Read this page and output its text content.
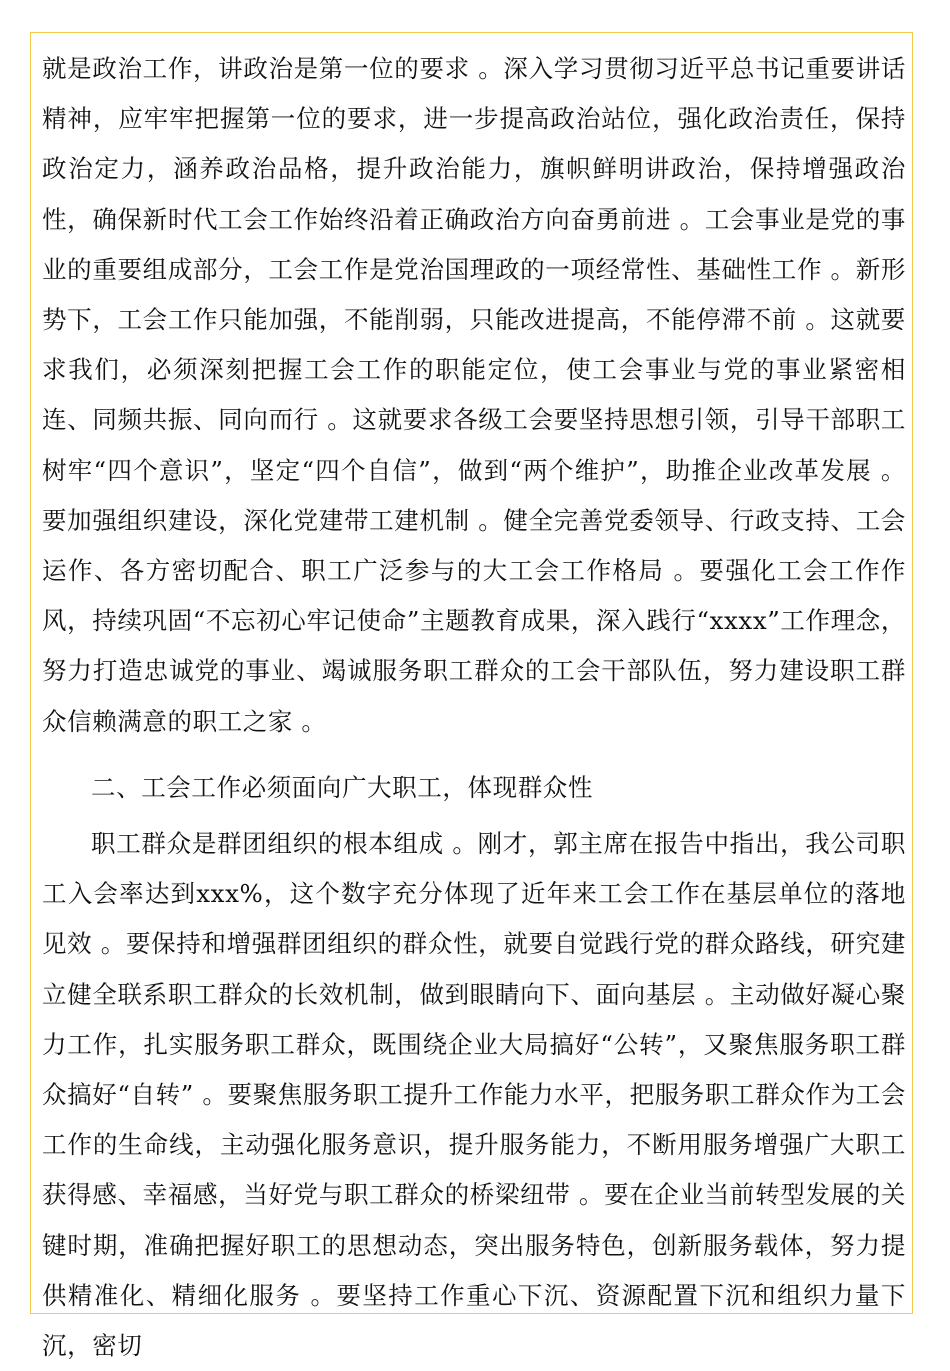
就是政治工作，讲政治是第一位的要求 。深入学习贯彻习近平总书记重要讲话精神，应牢牢把握第一位的要求，进一步提高政治站位，强化政治责任，保持政治定力，涵养政治品格，提升政治能力，旗帜鲜明讲政治，保持增强政治性，确保新时代工会工作始终沿着正确政治方向奋勇前进 。工会事业是党的事业的重要组成部分，工会工作是党治国理政的一项经常性、基础性工作 。新形势下，工会工作只能加强，不能削弱，只能改进提高，不能停滞不前 。这就要求我们，必须深刻把握工会工作的职能定位，使工会事业与党的事业紧密相连、同频共振、同向而行 。这就要求各级工会要坚持思想引领，引导干部职工树牢“四个意识”，坚定“四个自信”，做到“两个维护”，助推企业改革发展 。要加强组织建设，深化党建带工建机制 。健全完善党委领导、行政支持、工会运作、各方密切配合、职工广泛参与的大工会工作格局 。要强化工会工作作风，持续巩固“不忘初心牢记使命”主题教育成果，深入践行“xxxx”工作理念，努力打造忠诚党的事业、竭诚服务职工群众的工会干部队伍，努力建设职工群众信赖满意的职工之家 。

二、工会工作必须面向广大职工，体现群众性

职工群众是群团组织的根本组成 。刚才，郭主席在报告中指出，我公司职工入会率达到xxx%，这个数字充分体现了近年来工会工作在基层单位的落地见效 。要保持和增强群团组织的群众性，就要自觉践行党的群众路线，研究建立健全联系职工群众的长效机制，做到眼睛向下、面向基层 。主动做好凝心聚力工作，扎实服务职工群众，既围绕企业大局搞好“公转”，又聚焦服务职工群众搞好“自转” 。要聚焦服务职工提升工作能力水平，把服务职工群众作为工会工作的生命线，主动强化服务意识，提升服务能力，不断用服务增强广大职工获得感、幸福感，当好党与职工群众的桥梁纽带 。要在企业当前转型发展的关键时期，准确把握好职工的思想动态，突出服务特色，创新服务载体，努力提供精准化、精细化服务 。要坚持工作重心下沉、资源配置下沉和组织力量下沉，密切
